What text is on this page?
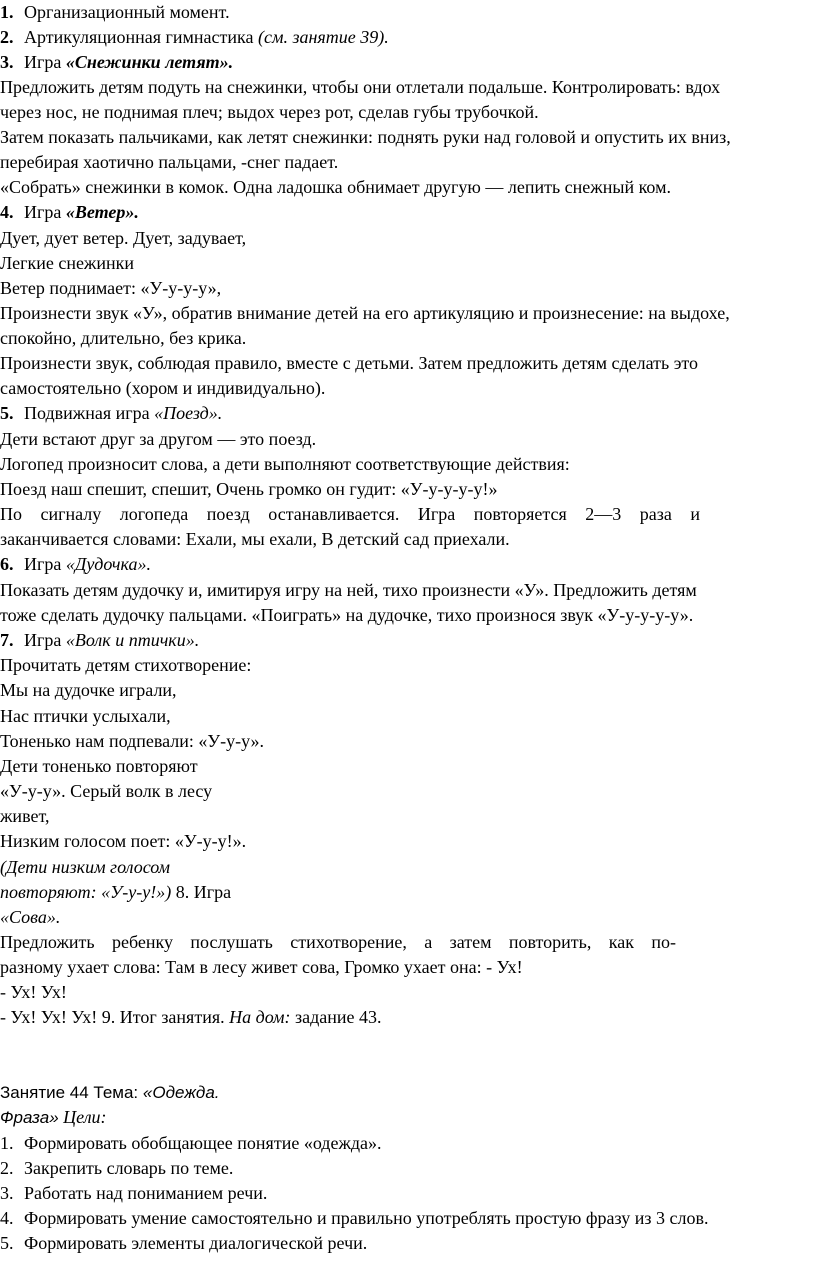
1. Организационный момент.
2. Артикуляционная гимнастика (см. занятие 39).
3. Игра «Снежинки летят».
Предложить детям подуть на снежинки, чтобы они отлетали подальше. Контролировать: вдох
через нос, не поднимая плеч; выдох через рот, сделав губы трубочкой.
Затем показать пальчиками, как летят снежинки: поднять руки над головой и опустить их вниз,
перебирая хаотично пальцами, -снег падает.
«Собрать» снежинки в комок. Одна ладошка обнимает другую — лепить снежный ком.
4. Игра «Ветер».
Дует, дует ветер. Дует, задувает,
Легкие снежинки
Ветер поднимает: «У-у-у-у»,
Произнести звук «У», обратив внимание детей на его артикуляцию и произнесение: на выдохе,
спокойно, длительно, без крика.
Произнести звук, соблюдая правило, вместе с детьми. Затем предложить детям сделать это
самостоятельно (хором и индивидуально).
5. Подвижная игра «Поезд».
Дети встают друг за другом — это поезд.
Логопед произносит слова, а дети выполняют соответствующие действия:
Поезд наш спешит, спешит, Очень громко он гудит: «У-у-у-у-у!»
По сигналу логопеда поезд останавливается. Игра повторяется 2—3 раза и
заканчивается словами: Ехали, мы ехали, В детский сад приехали.
6. Игра «Дудочка».
Показать детям дудочку и, имитируя игру на ней, тихо произнести «У». Предложить детям
тоже сделать дудочку пальцами. «Поиграть» на дудочке, тихо произнося звук «У-у-у-у-у».
7. Игра «Волк и птички».
Прочитать детям стихотворение:
Мы на дудочке играли,
Нас птички услыхали,
Тоненько нам подпевали: «У-у-у».
Дети тоненько повторяют
«У-у-у». Серый волк в лесу
живет,
Низким голосом поет: «У-у-у!».
(Дети низким голосом
повторяют: «У-у-у!») 8. Игра
«Сова».
Предложить ребенку послушать стихотворение, а затем повторить, как по-
разному ухает слова: Там в лесу живет сова, Громко ухает она: - Ух!
- Ух! Ух!
- Ух! Ух! Ух! 9. Итог занятия. На дом: задание 43.
Занятие 44 Тема: «Одежда.
Фраза» Цели:
1. Формировать обобщающее понятие «одежда».
2. Закрепить словарь по теме.
3. Работать над пониманием речи.
4. Формировать умение самостоятельно и правильно употреблять простую фразу из 3 слов.
5. Формировать элементы диалогической речи.
